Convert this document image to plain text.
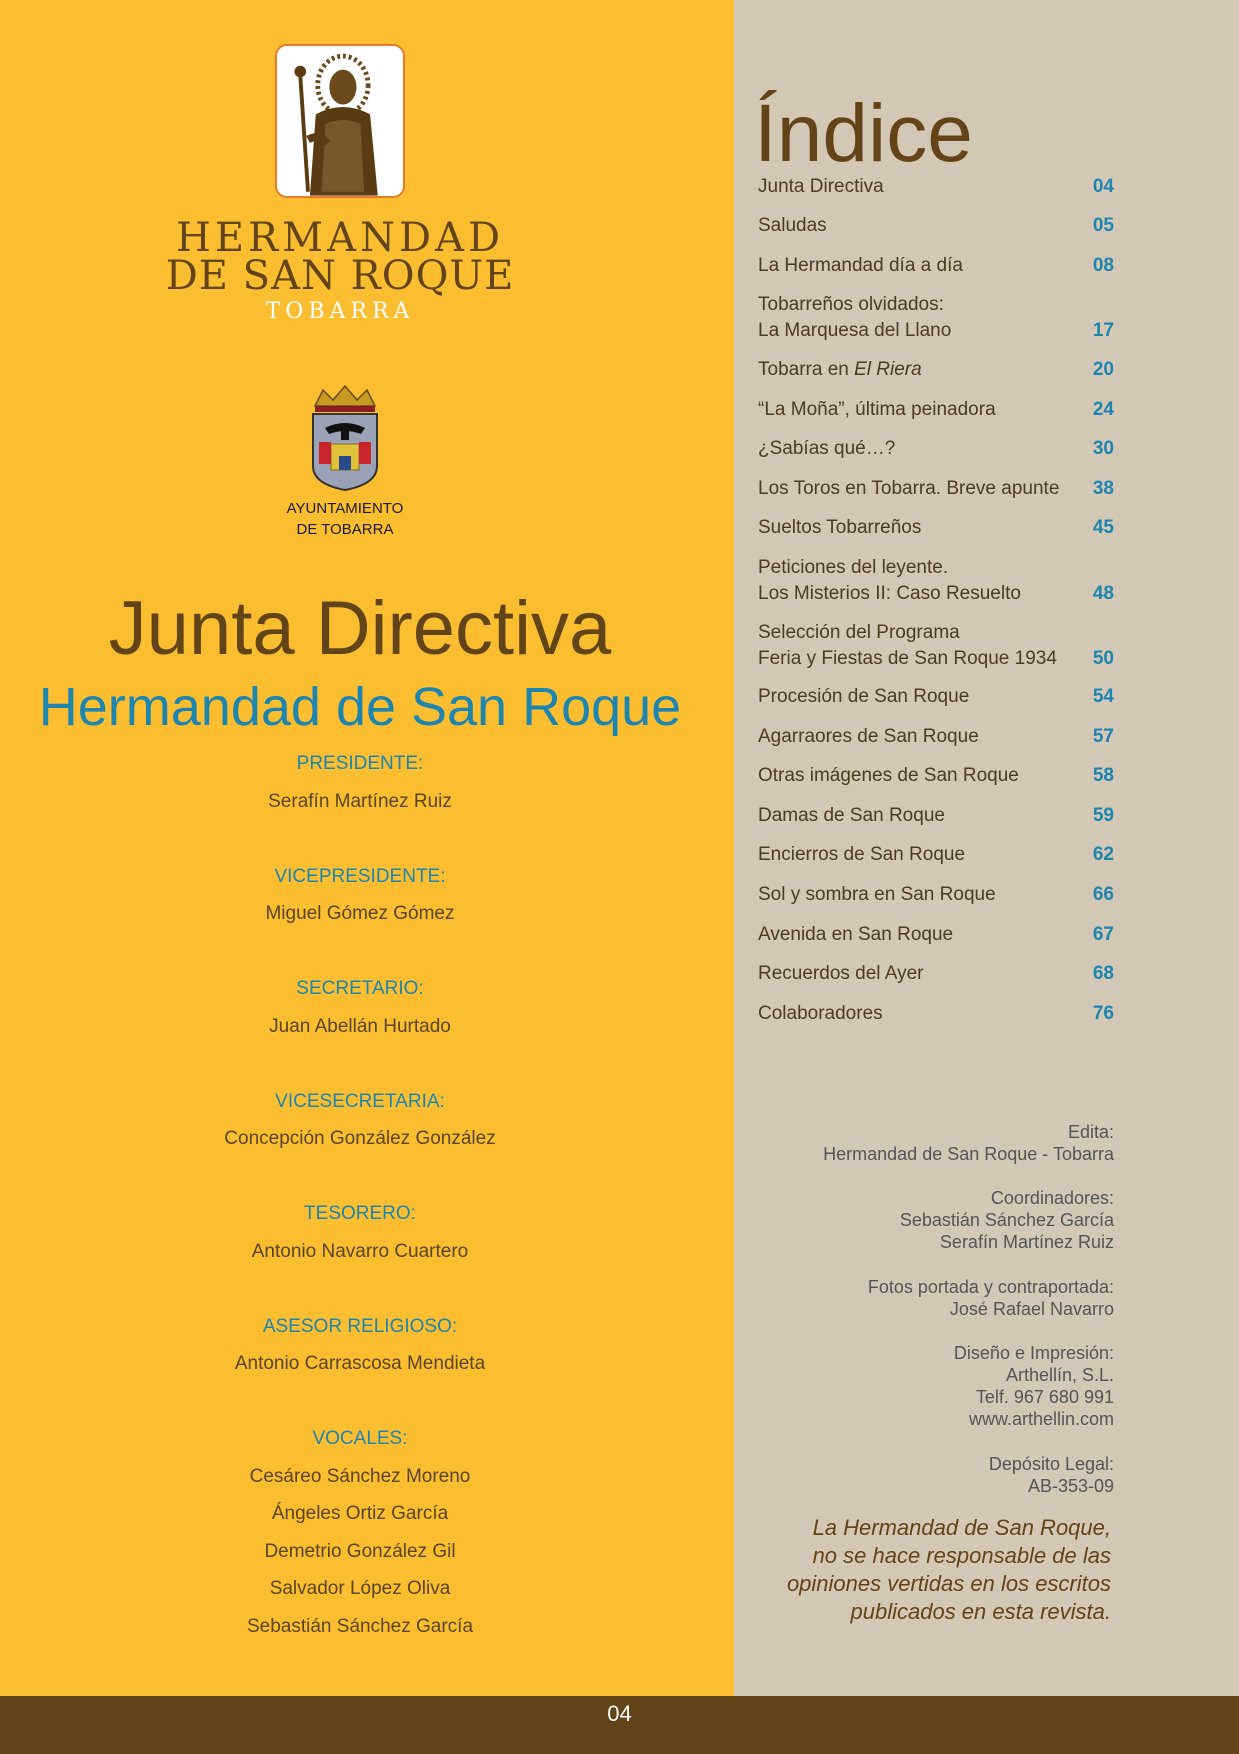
HERMANDAD
DE SAN ROQUE
TOBARRA
AYUNTAMIENTO
DE TOBARRA
Junta Directiva
Hermandad de San Roque
PRESIDENTE:
Serafín Martínez Ruiz
VICEPRESIDENTE:
Miguel Gómez Gómez
SECRETARIO:
Juan Abellán Hurtado
VICESECRETARIA:
Concepción González González
TESORERO:
Antonio Navarro Cuartero
ASESOR RELIGIOSO:
Antonio Carrascosa Mendieta
VOCALES:
Cesáreo Sánchez Moreno
Ángeles Ortiz García
Demetrio González Gil
Salvador López Oliva
Sebastián Sánchez García
Índice
Junta Directiva	04
Saludas	05
La Hermandad día a día	08
Tobarreños olvidados:
La Marquesa del Llano	17
Tobarra en El Riera	20
“La Moña”, última peinadora	24
¿Sabías qué…?	30
Los Toros en Tobarra. Breve apunte	38
Sueltos Tobarreños	45
Peticiones del leyente.
Los Misterios II: Caso Resuelto	48
Selección del Programa
Feria y Fiestas de San Roque 1934	50
Procesión de San Roque	54
Agarraores de San Roque	57
Otras imágenes de San Roque	58
Damas de San Roque	59
Encierros de San Roque	62
Sol y sombra en San Roque	66
Avenida en San Roque	67
Recuerdos del Ayer	68
Colaboradores	76
Edita:
Hermandad de San Roque - Tobarra
Coordinadores:
Sebastián Sánchez García
Serafín Martínez Ruiz
Fotos portada y contraportada:
José Rafael Navarro
Diseño e Impresión:
Arthellín, S.L.
Telf. 967 680 991
www.arthellin.com
Depósito Legal:
AB-353-09
La Hermandad de San Roque,
no se hace responsable de las
opiniones vertidas en los escritos
publicados en esta revista.
04
